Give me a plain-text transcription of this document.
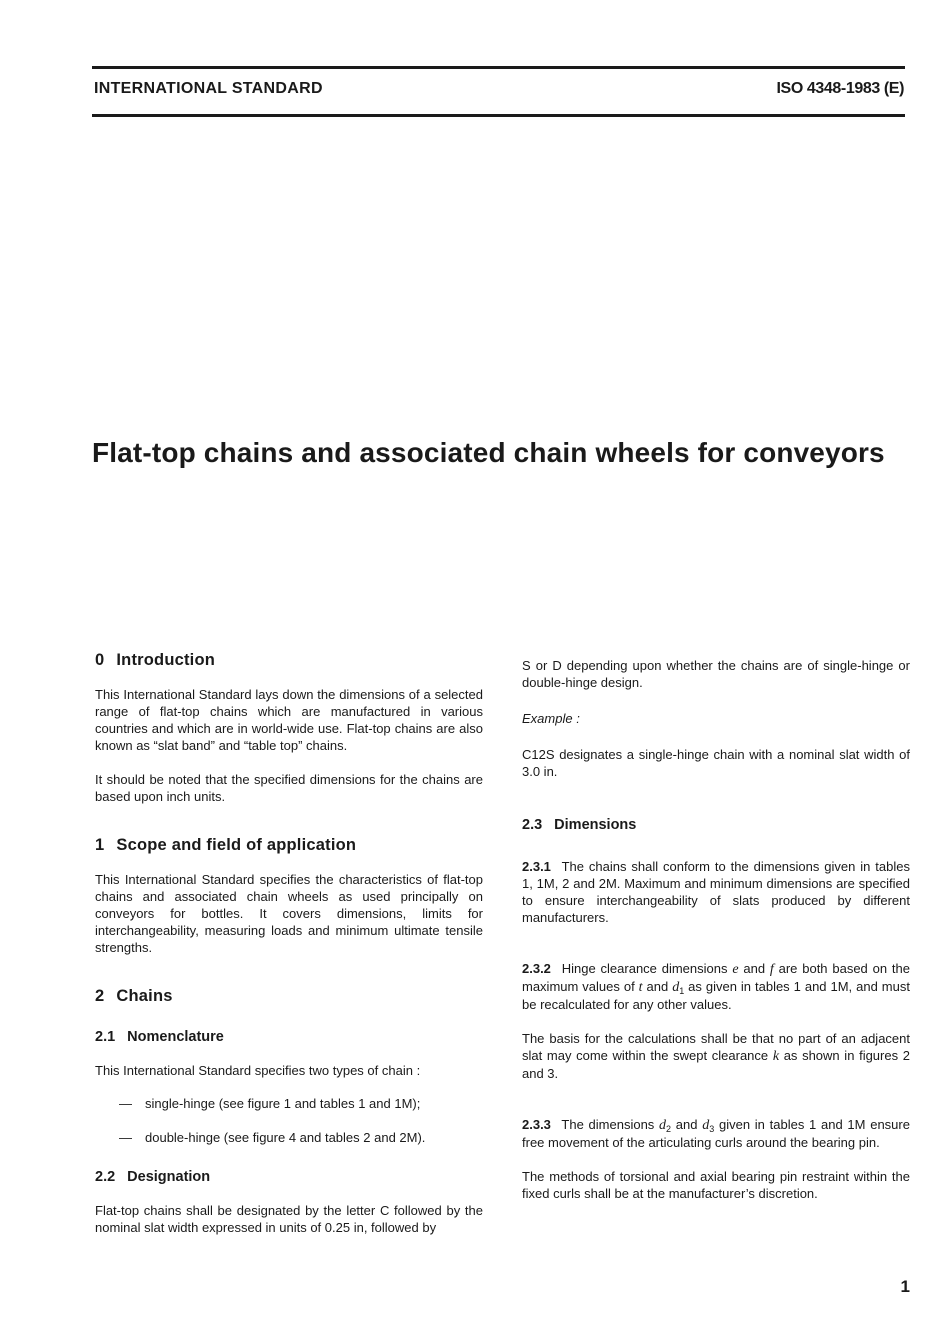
INTERNATIONAL STANDARD	ISO 4348-1983 (E)
Flat-top chains and associated chain wheels for conveyors
0 Introduction

This International Standard lays down the dimensions of a selected range of flat-top chains which are manufactured in various countries and which are in world-wide use. Flat-top chains are also known as “slat band” and “table top” chains.

It should be noted that the specified dimensions for the chains are based upon inch units.

1 Scope and field of application

This International Standard specifies the characteristics of flat-top chains and associated chain wheels as used principally on conveyors for bottles. It covers dimensions, limits for interchangeability, measuring loads and minimum ultimate tensile strengths.

2 Chains
2.1 Nomenclature

This International Standard specifies two types of chain :

— single-hinge (see figure 1 and tables 1 and 1M);

— double-hinge (see figure 4 and tables 2 and 2M).

2.2 Designation

Flat-top chains shall be designated by the letter C followed by the nominal slat width expressed in units of 0.25 in, followed by

S or D depending upon whether the chains are of single-hinge or double-hinge design.

Example :

C12S designates a single-hinge chain with a nominal slat width of 3.0 in.

2.3 Dimensions

2.3.1 The chains shall conform to the dimensions given in tables 1, 1M, 2 and 2M. Maximum and minimum dimensions are specified to ensure interchangeability of slats produced by different manufacturers.

2.3.2 Hinge clearance dimensions e and f are both based on the maximum values of t and $d_1$ as given in tables 1 and 1M, and must be recalculated for any other values.

The basis for the calculations shall be that no part of an adjacent slat may come within the swept clearance k as shown in figures 2 and 3.

2.3.3 The dimensions $d_2$ and $d_3$ given in tables 1 and 1M ensure free movement of the articulating curls around the bearing pin.

The methods of torsional and axial bearing pin restraint within the fixed curls shall be at the manufacturer’s discretion.

1
